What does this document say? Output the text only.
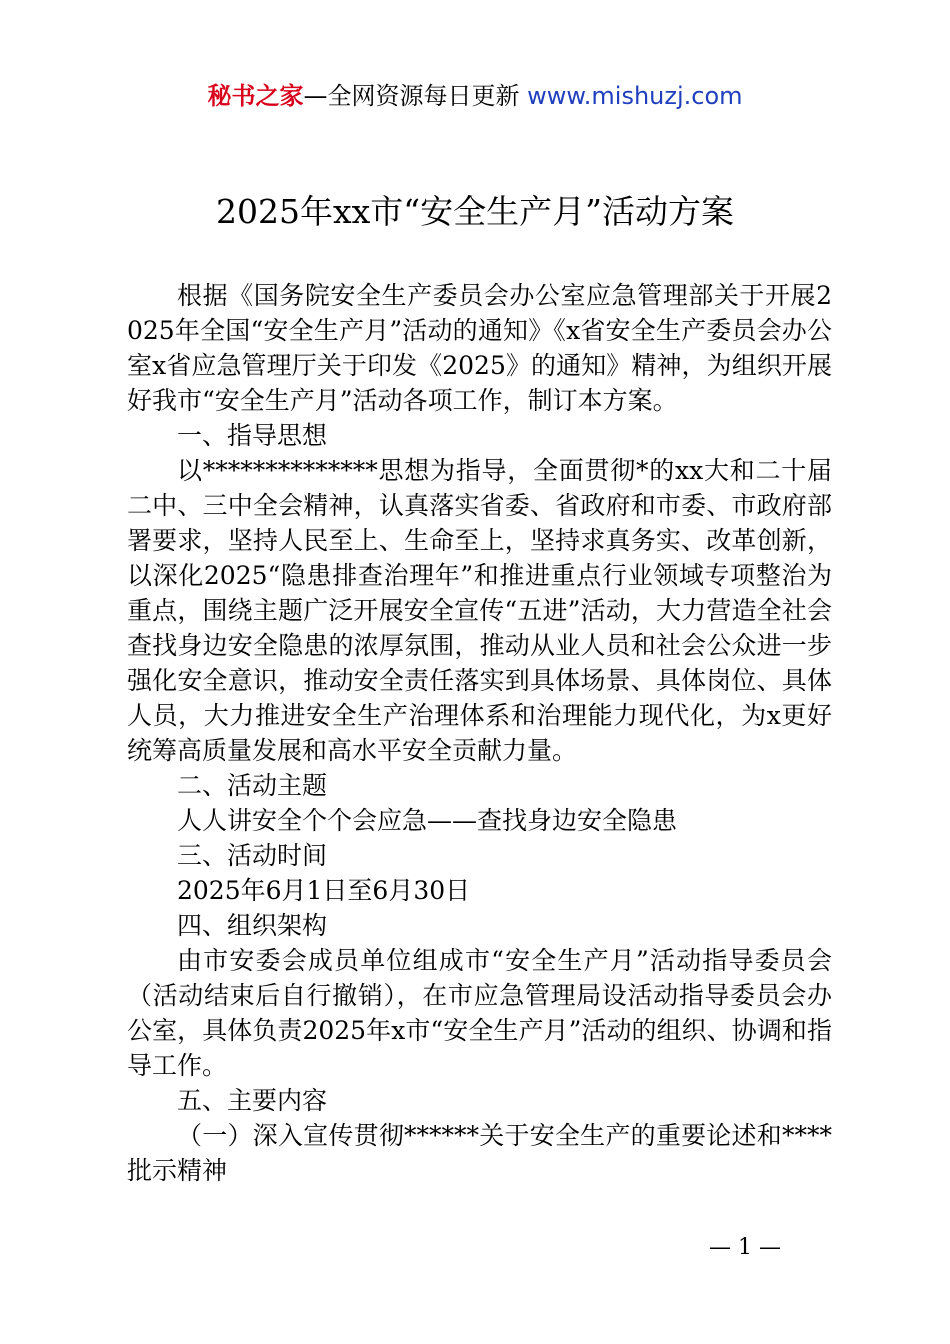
秘书之家—全网资源每日更新 www.mishuzj.com
2025年xx市“安全生产月”活动方案

根据《国务院安全生产委员会办公室应急管理部关于开展2025年全国“安全生产月”活动的通知》《x省安全生产委员会办公室x省应急管理厅关于印发《2025》的通知》精神，为组织开展好我市“安全生产月”活动各项工作，制订本方案。

一、指导思想

以**************思想为指导，全面贯彻*的xx大和二十届二中、三中全会精神，认真落实省委、省政府和市委、市政府部署要求，坚持人民至上、生命至上，坚持求真务实、改革创新，以深化2025“隐患排查治理年”和推进重点行业领域专项整治为重点，围绕主题广泛开展安全宣传“五进”活动，大力营造全社会查找身边安全隐患的浓厚氛围，推动从业人员和社会公众进一步强化安全意识，推动安全责任落实到具体场景、具体岗位、具体人员，大力推进安全生产治理体系和治理能力现代化，为x更好统筹高质量发展和高水平安全贡献力量。

二、活动主题

人人讲安全个个会应急——查找身边安全隐患

三、活动时间

2025年6月1日至6月30日

四、组织架构

由市安委会成员单位组成市“安全生产月”活动指导委员会（活动结束后自行撤销），在市应急管理局设活动指导委员会办公室，具体负责2025年x市“安全生产月”活动的组织、协调和指导工作。

五、主要内容

（一）深入宣传贯彻******关于安全生产的重要论述和****批示精神

— 1 —
